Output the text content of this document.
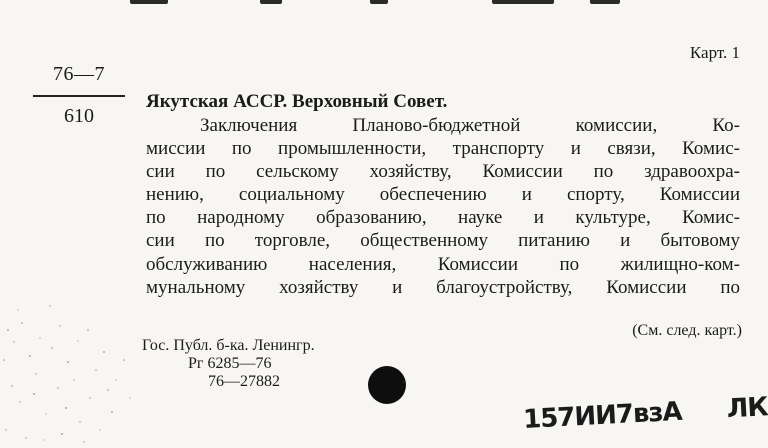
Карт. 1
76—7
610
Якутская АССР. Верховный Совет.
Заключения Планово-бюджетной комиссии, Ко-
миссии по промышленности, транспорту и связи, Комис-
сии по сельскому хозяйству, Комиссии по здравоохра-
нению, социальному обеспечению и спорту, Комиссии
по народному образованию, науке и культуре, Комис-
сии по торговле, общественному питанию и бытовому
обслуживанию населения, Комиссии по жилищно-ком-
мунальному хозяйству и благоустройству, Комиссии по
(См. след. карт.)
Гос. Публ. б-ка. Ленингр.
Рг 6285—76
76—27882
157ИИ7взА ЛК
